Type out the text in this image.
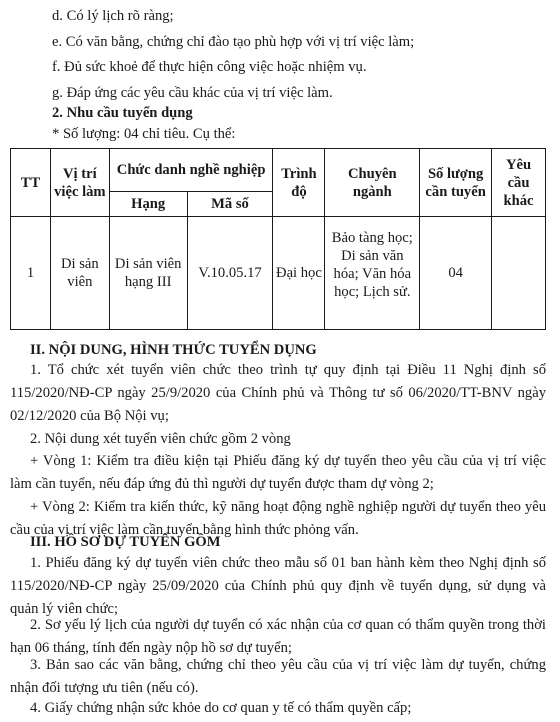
d. Có lý lịch rõ ràng;
e. Có văn bằng, chứng chỉ đào tạo phù hợp với vị trí việc làm;
f. Đủ sức khoẻ để thực hiện công việc hoặc nhiệm vụ.
g. Đáp ứng các yêu cầu khác của vị trí việc làm.
2. Nhu cầu tuyển dụng
* Số lượng: 04 chỉ tiêu. Cụ thể:
TT	Vị trí việc làm	Chức danh nghề nghiệp		Trình độ	Chuyên ngành	Số lượng cần tuyển	Yêu cầu khác
		Hạng	Mã số				
1	Di sản viên	Di sản viên hạng III	V.10.05.17	Đại học	Bảo tàng học; Di sản văn hóa; Văn hóa học; Lịch sử.	04	
II. NỘI DUNG, HÌNH THỨC TUYỂN DỤNG
1. Tổ chức xét tuyển viên chức theo trình tự quy định tại Điều 11 Nghị định số 115/2020/NĐ-CP ngày 25/9/2020 của Chính phủ và Thông tư số 06/2020/TT-BNV ngày 02/12/2020 của Bộ Nội vụ;
2. Nội dung xét tuyển viên chức gồm 2 vòng
+ Vòng 1: Kiểm tra điều kiện tại Phiếu đăng ký dự tuyển theo yêu cầu của vị trí việc làm cần tuyển, nếu đáp ứng đủ thì người dự tuyển được tham dự vòng 2;
+ Vòng 2: Kiểm tra kiến thức, kỹ năng hoạt động nghề nghiệp người dự tuyển theo yêu cầu của vị trí việc làm cần tuyển bằng hình thức phỏng vấn.
III. HỒ SƠ DỰ TUYỂN GỒM
1. Phiếu đăng ký dự tuyển viên chức theo mẫu số 01 ban hành kèm theo Nghị định số 115/2020/NĐ-CP ngày 25/09/2020 của Chính phủ quy định về tuyển dụng, sử dụng và quản lý viên chức;
2. Sơ yếu lý lịch của người dự tuyển có xác nhận của cơ quan có thẩm quyền trong thời hạn 06 tháng, tính đến ngày nộp hồ sơ dự tuyển;
3. Bản sao các văn bằng, chứng chỉ theo yêu cầu của vị trí việc làm dự tuyển, chứng nhận đối tượng ưu tiên (nếu có).
4. Giấy chứng nhận sức khỏe do cơ quan y tế có thẩm quyền cấp;
